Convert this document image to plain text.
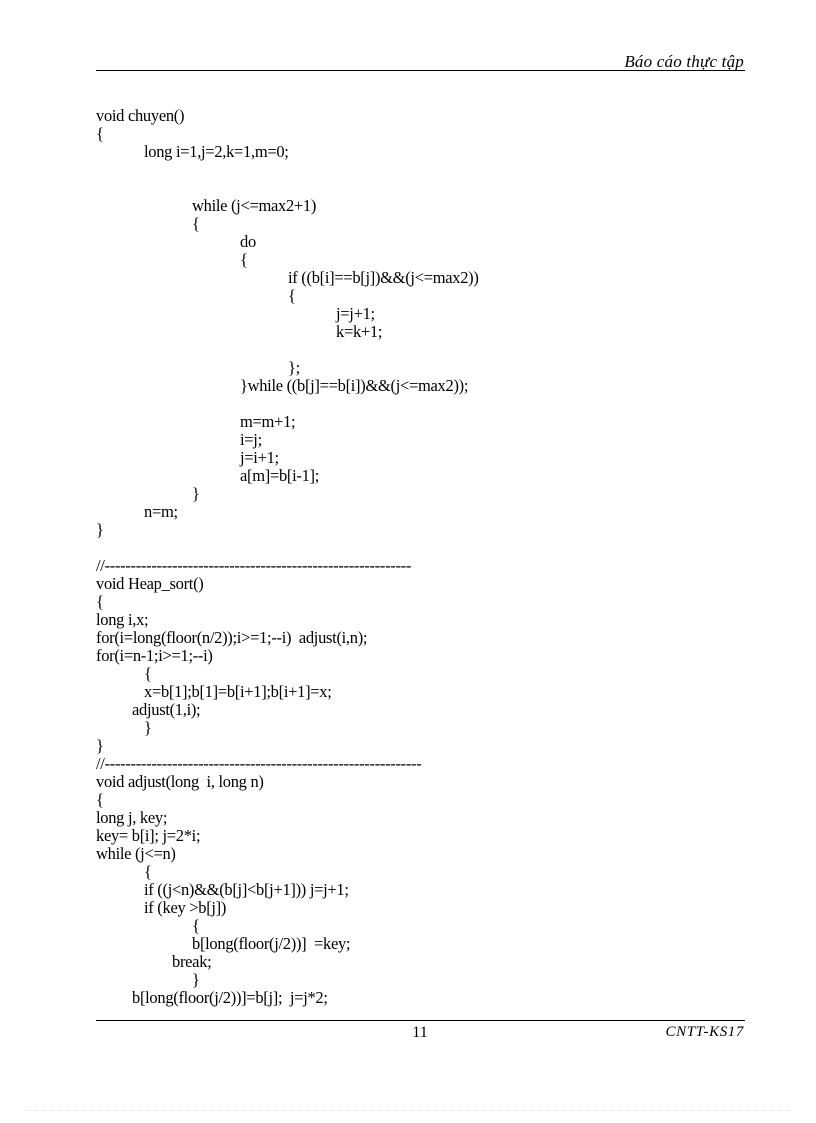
Báo cáo thực tập
void chuyen()
{
long i=1,j=2,k=1,m=0;
while (j<=max2+1)
{
do
{
if ((b[i]==b[j])&&(j<=max2))
{
j=j+1;
k=k+1;
};
}while ((b[j]==b[i])&&(j<=max2));
m=m+1;
i=j;
j=i+1;
a[m]=b[i-1];
}
n=m;
}
//-----------------------------------------------------------
void Heap_sort()
{
long i,x;
for(i=long(floor(n/2));i>=1;--i)  adjust(i,n);
for(i=n-1;i>=1;--i)
{
x=b[1];b[1]=b[i+1];b[i+1]=x;
adjust(1,i);
}
}
//-------------------------------------------------------------
void adjust(long  i, long n)
{
long j, key;
key= b[i]; j=2*i;
while (j<=n)
{
if ((j<n)&&(b[j]<b[j+1])) j=j+1;
if (key >b[j])
{
b[long(floor(j/2))]  =key;
break;
}
b[long(floor(j/2))]=b[j];  j=j*2;
11	CNTT-KS17
